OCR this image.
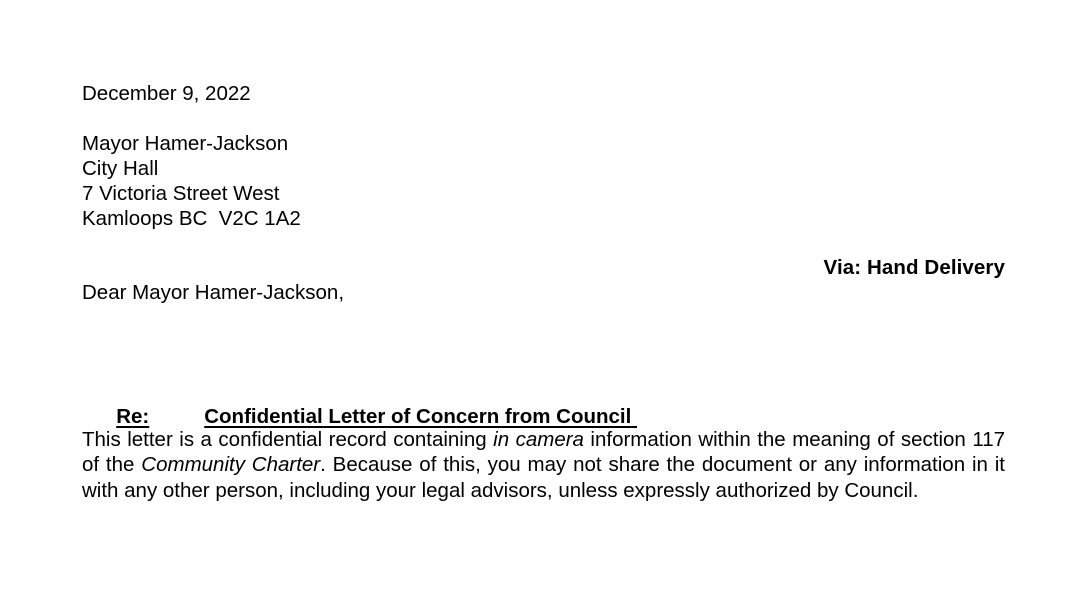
December 9, 2022
Mayor Hamer-Jackson
City Hall
7 Victoria Street West
Kamloops BC  V2C 1A2
Via: Hand Delivery
Dear Mayor Hamer-Jackson,

Re:	Confidential Letter of Concern from Council

This letter is a confidential record containing in camera information within the meaning of section 117 of the Community Charter. Because of this, you may not share the document or any information in it with any other person, including your legal advisors, unless expressly authorized by Council.
